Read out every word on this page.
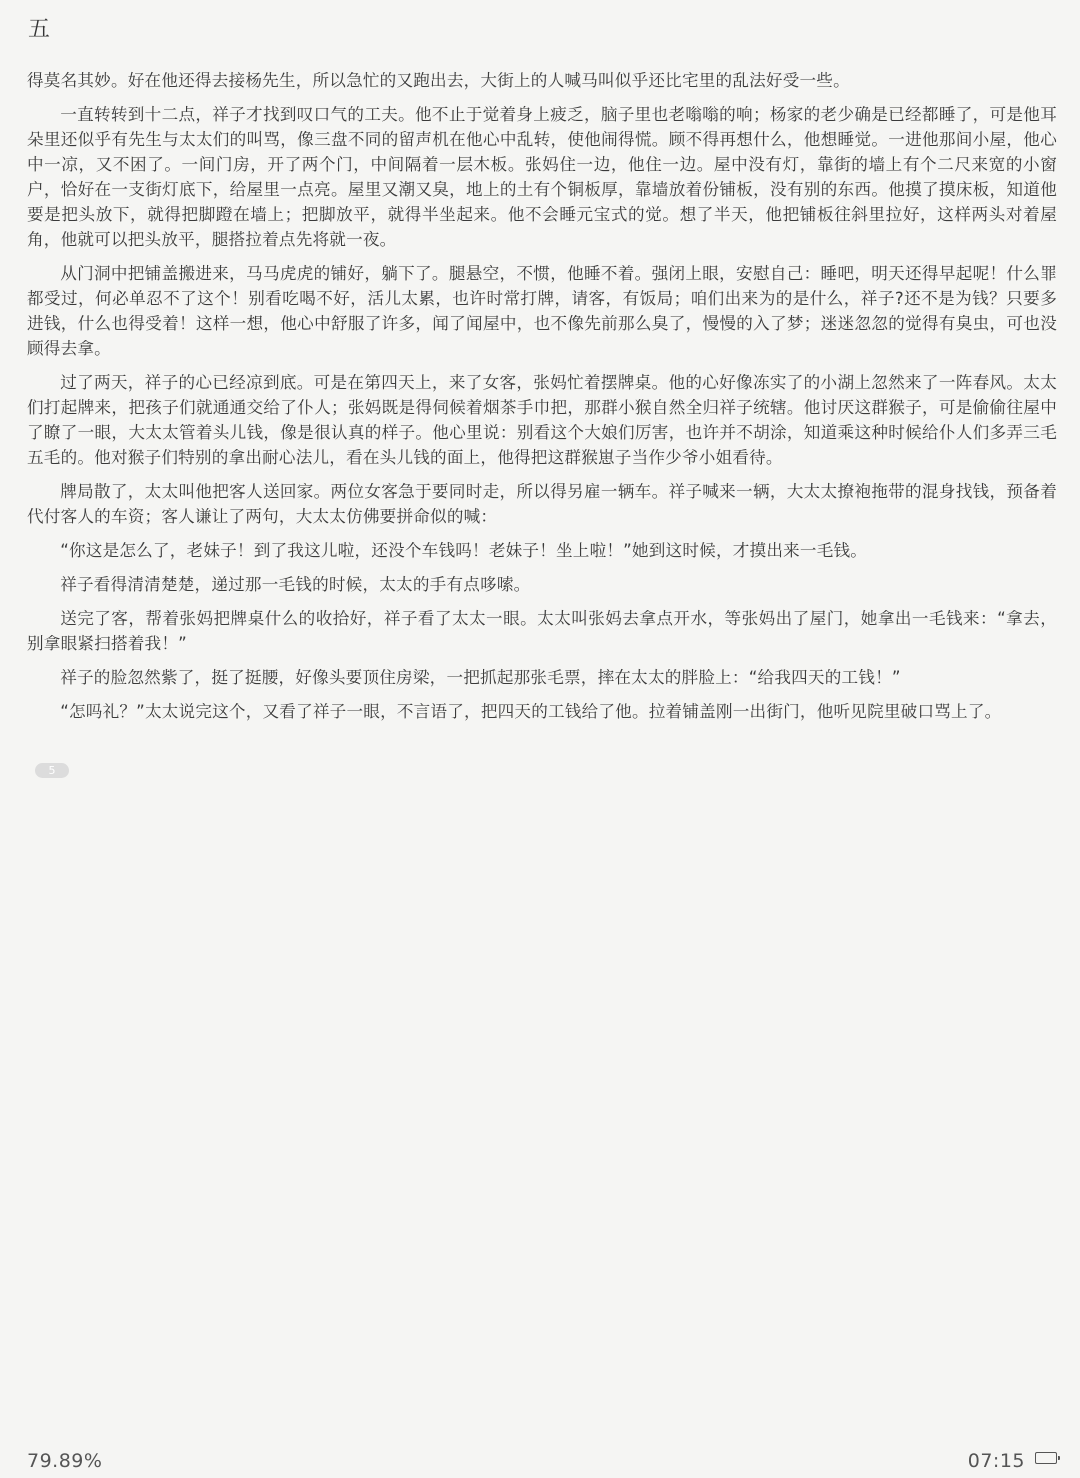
五

得莫名其妙。好在他还得去接杨先生，所以急忙的又跑出去，大街上的人喊马叫似乎还比宅里的乱法好受一些。

一直转转到十二点，祥子才找到叹口气的工夫。他不止于觉着身上疲乏，脑子里也老嗡嗡的响；杨家的老少确是已经都睡了，可是他耳朵里还似乎有先生与太太们的叫骂，像三盘不同的留声机在他心中乱转，使他闹得慌。顾不得再想什么，他想睡觉。一进他那间小屋，他心中一凉，又不困了。一间门房，开了两个门，中间隔着一层木板。张妈住一边，他住一边。屋中没有灯，靠街的墙上有个二尺来宽的小窗户，恰好在一支街灯底下，给屋里一点亮。屋里又潮又臭，地上的土有个铜板厚，靠墙放着份铺板，没有别的东西。他摸了摸床板，知道他要是把头放下，就得把脚蹬在墙上；把脚放平，就得半坐起来。他不会睡元宝式的觉。想了半天，他把铺板往斜里拉好，这样两头对着屋角，他就可以把头放平，腿搭拉着点先将就一夜。

从门洞中把铺盖搬进来，马马虎虎的铺好，躺下了。腿悬空，不惯，他睡不着。强闭上眼，安慰自己：睡吧，明天还得早起呢！什么罪都受过，何必单忍不了这个！别看吃喝不好，活儿太累，也许时常打牌，请客，有饭局；咱们出来为的是什么，祥子?还不是为钱？只要多进钱，什么也得受着！这样一想，他心中舒服了许多，闻了闻屋中，也不像先前那么臭了，慢慢的入了梦；迷迷忽忽的觉得有臭虫，可也没顾得去拿。

过了两天，祥子的心已经凉到底。可是在第四天上，来了女客，张妈忙着摆牌桌。他的心好像冻实了的小湖上忽然来了一阵春风。太太们打起牌来，把孩子们就通通交给了仆人；张妈既是得伺候着烟茶手巾把，那群小猴自然全归祥子统辖。他讨厌这群猴子，可是偷偷往屋中了瞭了一眼，大太太管着头儿钱，像是很认真的样子。他心里说：别看这个大娘们厉害，也许并不胡涂，知道乘这种时候给仆人们多弄三毛五毛的。他对猴子们特别的拿出耐心法儿，看在头儿钱的面上，他得把这群猴崽子当作少爷小姐看待。

牌局散了，太太叫他把客人送回家。两位女客急于要同时走，所以得另雇一辆车。祥子喊来一辆，大太太撩袍拖带的混身找钱，预备着代付客人的车资；客人谦让了两句，大太太仿佛要拼命似的喊：

“你这是怎么了，老妹子！到了我这儿啦，还没个车钱吗！老妹子！坐上啦！”她到这时候，才摸出来一毛钱。

祥子看得清清楚楚，递过那一毛钱的时候，太太的手有点哆嗦。

送完了客，帮着张妈把牌桌什么的收拾好，祥子看了太太一眼。太太叫张妈去拿点开水，等张妈出了屋门，她拿出一毛钱来：“拿去，别拿眼紧扫搭着我！”

祥子的脸忽然紫了，挺了挺腰，好像头要顶住房梁，一把抓起那张毛票，摔在太太的胖脸上：“给我四天的工钱！”

“怎吗礼？”太太说完这个，又看了祥子一眼，不言语了，把四天的工钱给了他。拉着铺盖刚一出街门，他听见院里破口骂上了。

5
79.89%	07:15
